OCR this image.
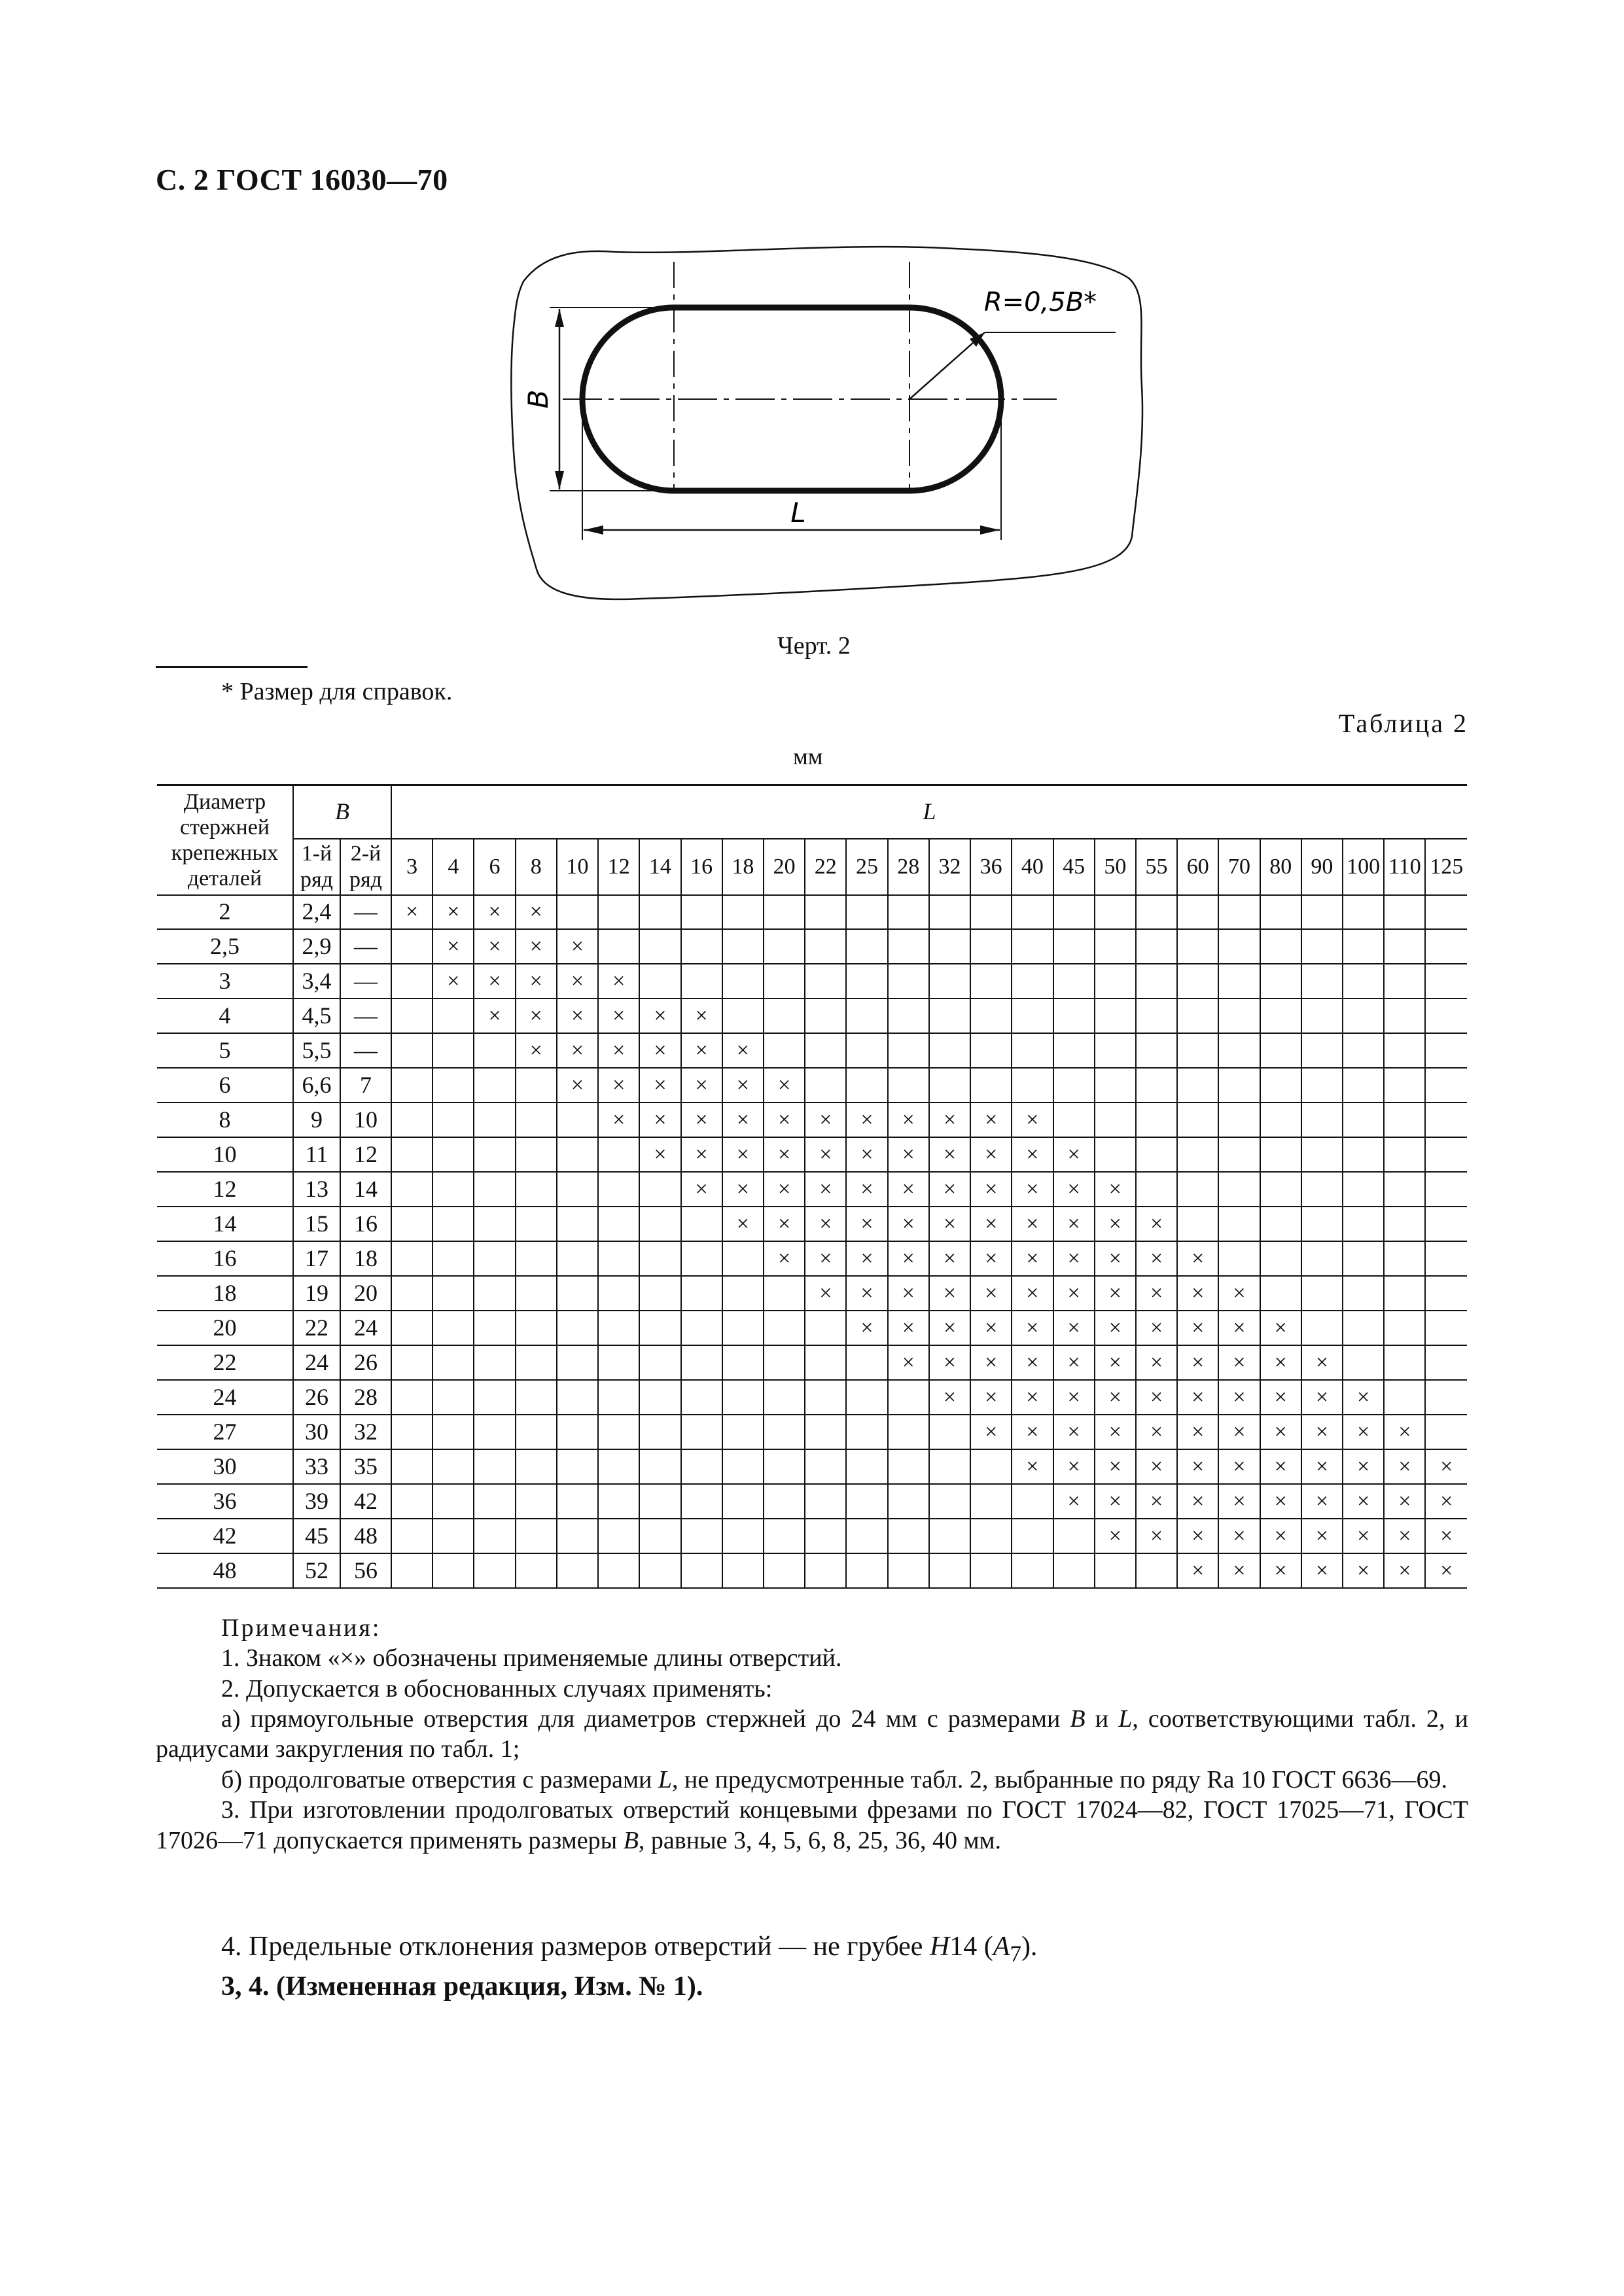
С. 2 ГОСТ 16030—70
R=0,5B*
B
L
Черт. 2
* Размер для справок.
Таблица 2
мм
Диаметр стержней крепежных деталей	B		L																									
	1-й ряд	2-й ряд	3	4	6	8	10	12	14	16	18	20	22	25	28	32	36	40	45	50	55	60	70	80	90	100	110	125
2	2,4	—	×	×	×	×																						
2,5	2,9	—		×	×	×	×																					
3	3,4	—		×	×	×	×	×																				
4	4,5	—			×	×	×	×	×	×																		
5	5,5	—				×	×	×	×	×	×																	
6	6,6	7					×	×	×	×	×	×																
8	9	10						×	×	×	×	×	×	×	×	×	×	×										
10	11	12							×	×	×	×	×	×	×	×	×	×	×									
12	13	14								×	×	×	×	×	×	×	×	×	×	×								
14	15	16									×	×	×	×	×	×	×	×	×	×	×							
16	17	18										×	×	×	×	×	×	×	×	×	×	×						
18	19	20											×	×	×	×	×	×	×	×	×	×	×					
20	22	24												×	×	×	×	×	×	×	×	×	×	×				
22	24	26													×	×	×	×	×	×	×	×	×	×	×			
24	26	28														×	×	×	×	×	×	×	×	×	×	×		
27	30	32															×	×	×	×	×	×	×	×	×	×	×	
30	33	35																×	×	×	×	×	×	×	×	×	×	×
36	39	42																	×	×	×	×	×	×	×	×	×	×
42	45	48																		×	×	×	×	×	×	×	×	×
48	52	56																				×	×	×	×	×	×	×

Примечания:

1. Знаком «×» обозначены применяемые длины отверстий.

2. Допускается в обоснованных случаях применять:

а) прямоугольные отверстия для диаметров стержней до 24 мм с размерами B и L, соответствующими табл. 2, и радиусами закругления по табл. 1;

б) продолговатые отверстия с размерами L, не предусмотренные табл. 2, выбранные по ряду Ra 10 ГОСТ 6636—69.

3. При изготовлении продолговатых отверстий концевыми фрезами по ГОСТ 17024—82, ГОСТ 17025—71, ГОСТ 17026—71 допускается применять размеры B, равные 3, 4, 5, 6, 8, 25, 36, 40 мм.

4. Предельные отклонения размеров отверстий — не грубее H14 $(A_7)$.

3, 4. (Измененная редакция, Изм. № 1).
